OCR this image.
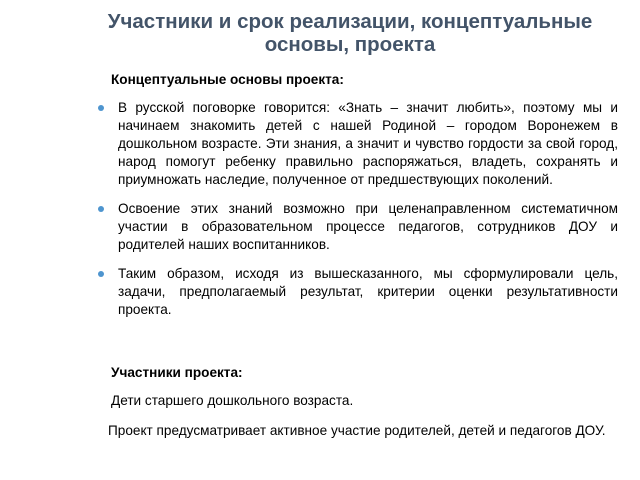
Участники и срок реализации, концептуальные основы, проекта

Концептуальные основы проекта:

В русской поговорке говорится: «Знать – значит любить», поэтому мы и начинаем знакомить детей с нашей Родиной – городом Воронежем в дошкольном возрасте. Эти знания, а значит и чувство гордости за свой город, народ помогут ребенку правильно распоряжаться, владеть, сохранять и приумножать наследие, полученное от предшествующих поколений.
Освоение этих знаний возможно при целенаправленном систематичном участии в образовательном процессе педагогов, сотрудников ДОУ и родителей наших воспитанников.
Таким образом, исходя из вышесказанного, мы сформулировали цель, задачи, предполагаемый результат, критерии оценки результативности проекта.

Участники проекта:

Дети старшего дошкольного возраста.

Проект предусматривает активное участие родителей, детей и педагогов ДОУ.
